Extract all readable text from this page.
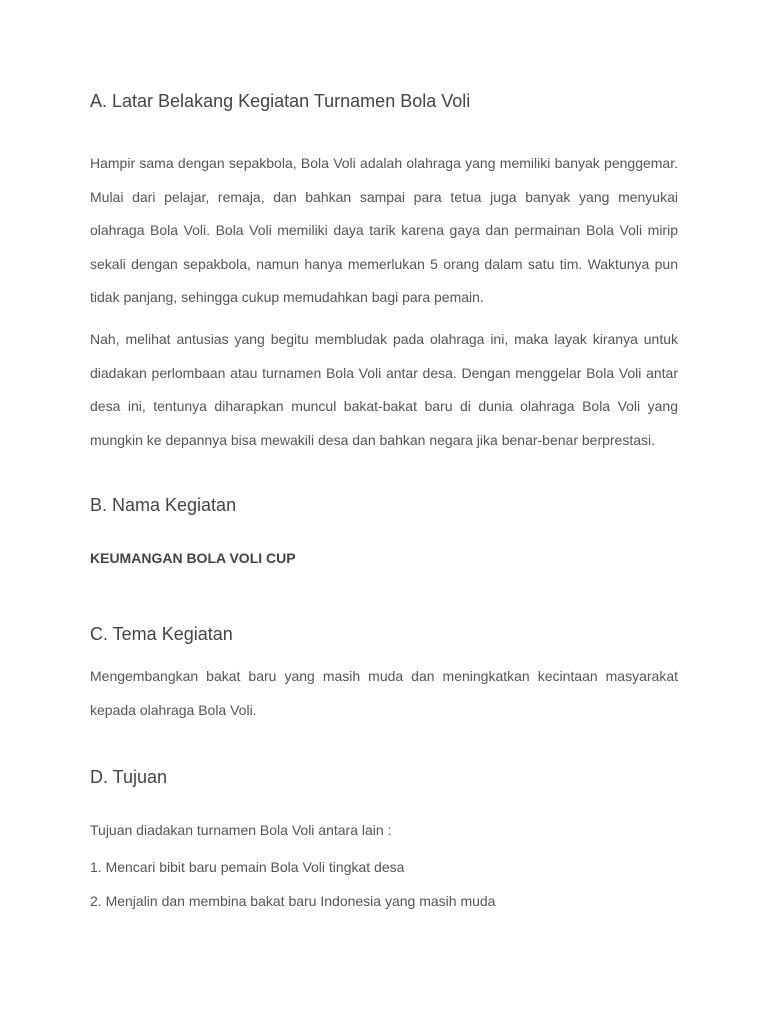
A. Latar Belakang Kegiatan Turnamen Bola Voli
Hampir sama dengan sepakbola, Bola Voli adalah olahraga yang memiliki banyak penggemar. Mulai dari pelajar, remaja, dan bahkan sampai para tetua juga banyak yang menyukai olahraga Bola Voli. Bola Voli memiliki daya tarik karena gaya dan permainan Bola Voli mirip sekali dengan sepakbola, namun hanya memerlukan 5 orang dalam satu tim. Waktunya pun tidak panjang, sehingga cukup memudahkan bagi para pemain.
Nah, melihat antusias yang begitu membludak pada olahraga ini, maka layak kiranya untuk diadakan perlombaan atau turnamen Bola Voli antar desa. Dengan menggelar Bola Voli antar desa ini, tentunya diharapkan muncul bakat-bakat baru di dunia olahraga Bola Voli yang mungkin ke depannya bisa mewakili desa dan bahkan negara jika benar-benar berprestasi.
B. Nama Kegiatan
KEUMANGAN BOLA VOLI CUP
C. Tema Kegiatan
Mengembangkan bakat baru yang masih muda dan meningkatkan kecintaan masyarakat kepada olahraga Bola Voli.
D. Tujuan
Tujuan diadakan turnamen Bola Voli antara lain :
1. Mencari bibit baru pemain Bola Voli tingkat desa
2. Menjalin dan membina bakat baru Indonesia yang masih muda
